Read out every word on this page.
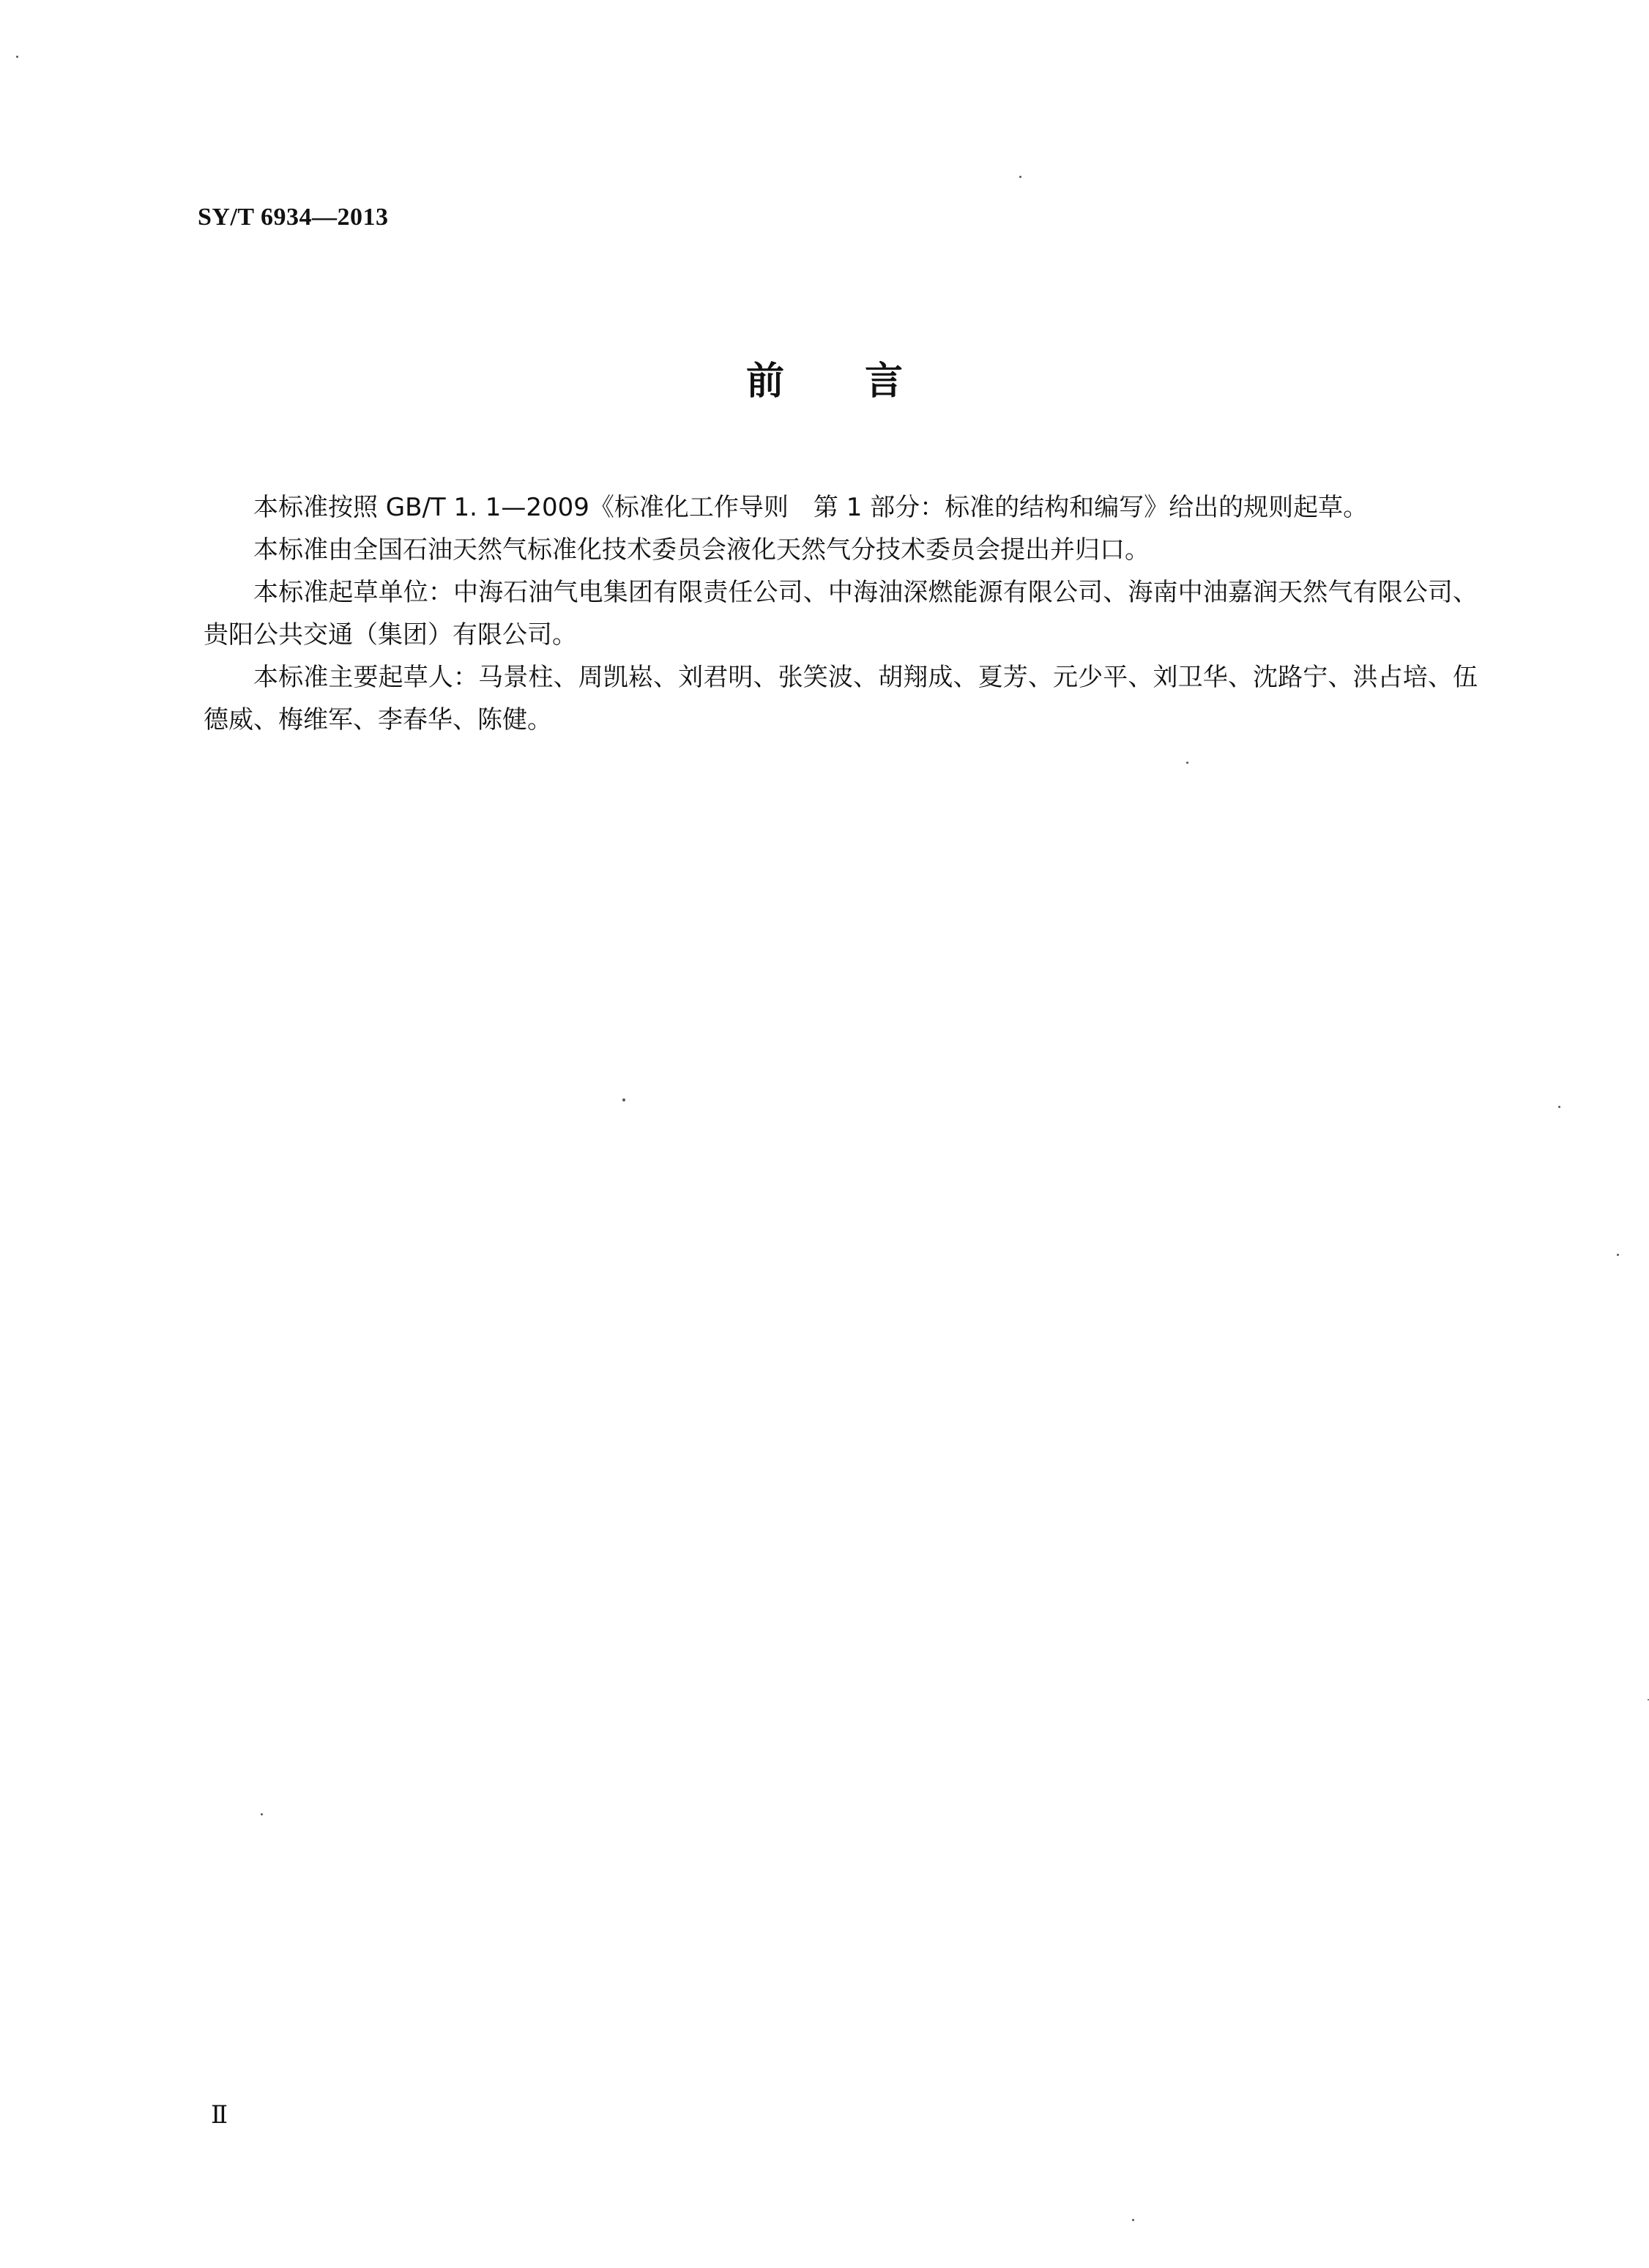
SY/T 6934—2013
前言

本标准按照 GB/T 1. 1—2009《标准化工作导则　第 1 部分：标准的结构和编写》给出的规则起草。

本标准由全国石油天然气标准化技术委员会液化天然气分技术委员会提出并归口。

本标准起草单位：中海石油气电集团有限责任公司、中海油深燃能源有限公司、海南中油嘉润天然气有限公司、贵阳公共交通（集团）有限公司。

本标准主要起草人：马景柱、周凯崧、刘君明、张笑波、胡翔成、夏芳、元少平、刘卫华、沈路宁、洪占培、伍德威、梅维军、李春华、陈健。

Ⅱ
